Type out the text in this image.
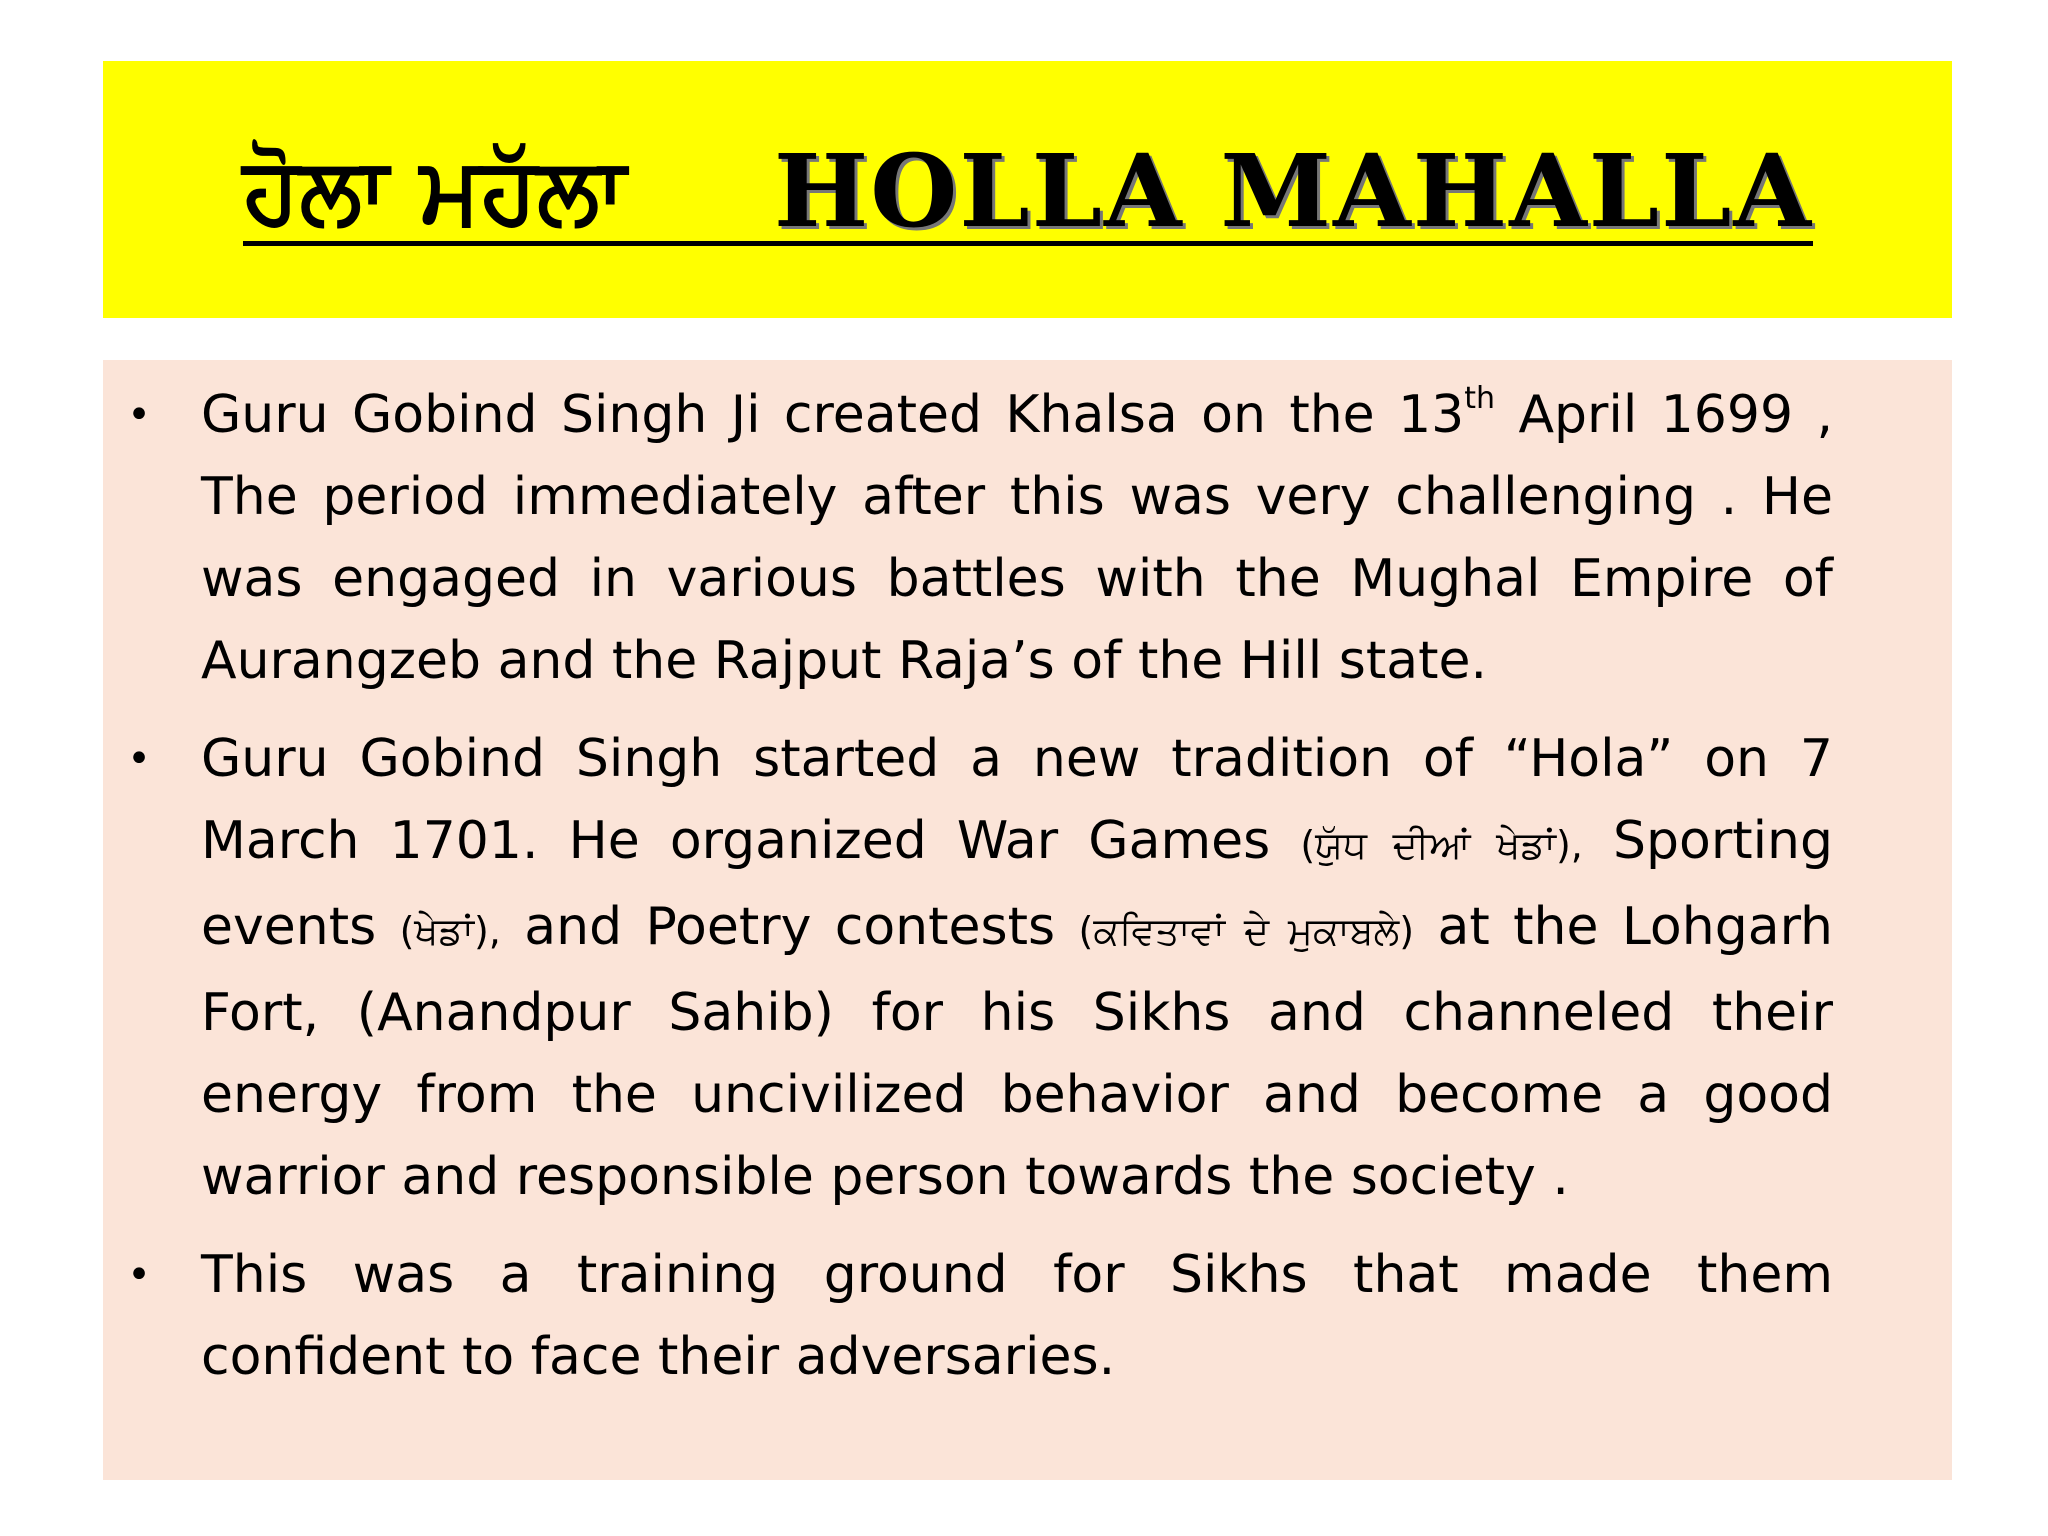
ਹੋਲਾ ਮਹੱਲਾ HOLLA MAHALLA
• Guru Gobind Singh Ji created Khalsa on the 13th April 1699 , The period immediately after this was very challenging . He was engaged in various battles with the Mughal Empire of Aurangzeb and the Rajput Raja’s of the Hill state.
• Guru Gobind Singh started a new tradition of “Hola” on 7 March 1701. He organized War Games (ਯੁੱਧ ਦੀਆਂ ਖੇਡਾਂ), Sporting events (ਖੇਡਾਂ), and Poetry contests (ਕਵਿਤਾਵਾਂ ਦੇ ਮੁਕਾਬਲੇ) at the Lohgarh Fort, (Anandpur Sahib) for his Sikhs and channeled their energy from the uncivilized behavior and become a good warrior and responsible person towards the society .
• This was a training ground for Sikhs that made them confident to face their adversaries.
